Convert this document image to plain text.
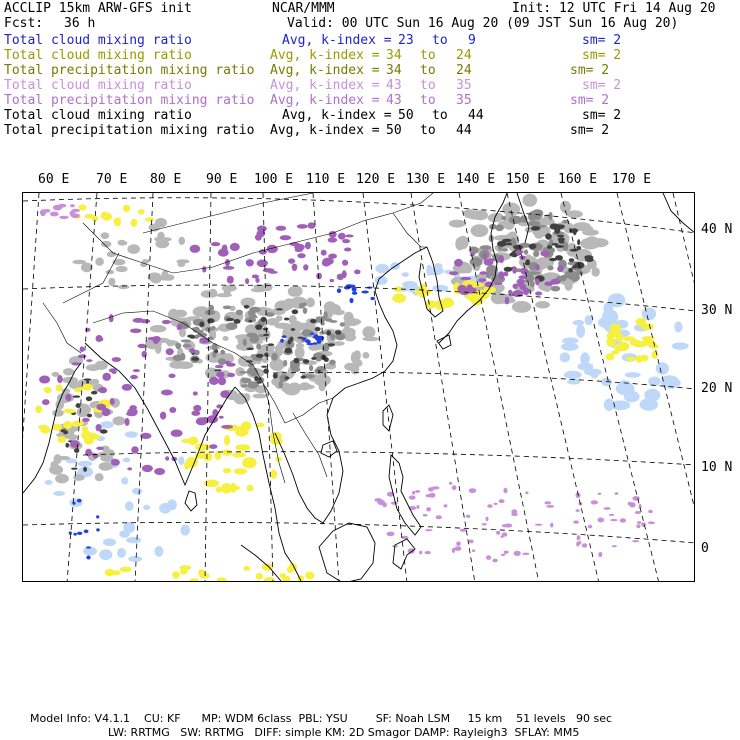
ACCLIP 15km ARW-GFS init	NCAR/MMM	Init: 12 UTC Fri 14 Aug 20
Fcst: 36 h	Valid: 00 UTC Sun 16 Aug 20 (09 JST Sun 16 Aug 20)
Total cloud mixing ratio	Avg, k-index = 23 to 9	sm= 2
Total cloud mixing ratio	Avg, k-index = 34 to 24	sm= 2
Total precipitation mixing ratio Avg, k-index = 34 to 24	sm= 2
Total cloud mixing ratio	Avg, k-index = 43 to 35	sm= 2
Total precipitation mixing ratio Avg, k-index = 43 to 35	sm= 2
Total cloud mixing ratio	Avg, k-index = 50 to 44	sm= 2
Total precipitation mixing ratio Avg, k-index = 50 to 44	sm= 2
60 E 70 E 80 E 90 E 100 E 110 E 120 E 130 E 140 E 150 E 160 E 170 E
40 N
30 N
20 N
10 N
0
Model Info: V4.1.1    CU: KF      MP: WDM 6class  PBL: YSU        SF: Noah LSM     15 km    51 levels   90 sec
LW: RRTMG   SW: RRTMG   DIFF: simple KM: 2D Smagor DAMP: Rayleigh3  SFLAY: MM5
